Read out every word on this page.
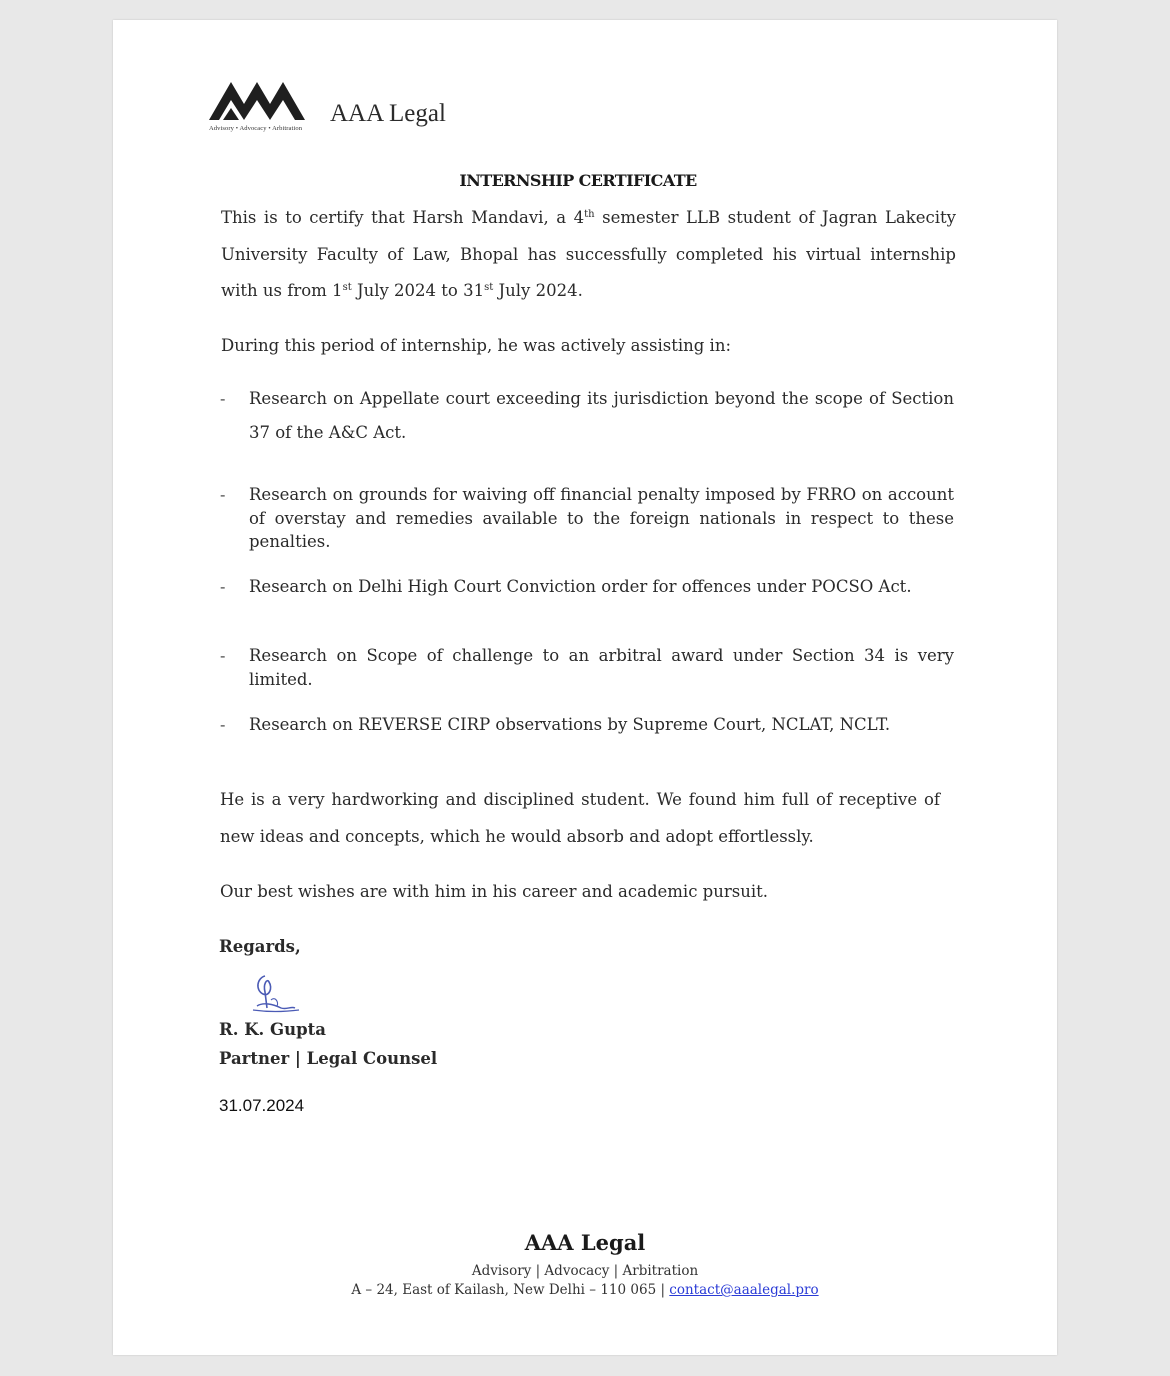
AAA Legal
Advisory • Advocacy • Arbitration
INTERNSHIP CERTIFICATE

This is to certify that Harsh Mandavi, a 4th semester LLB student of Jagran Lakecity University Faculty of Law, Bhopal has successfully completed his virtual internship with us from 1st July 2024 to 31st July 2024.

During this period of internship, he was actively assisting in:

- Research on Appellate court exceeding its jurisdiction beyond the scope of Section 37 of the A&C Act.

- Research on grounds for waiving off financial penalty imposed by FRRO on account of overstay and remedies available to the foreign nationals in respect to these penalties.

- Research on Delhi High Court Conviction order for offences under POCSO Act.

- Research on Scope of challenge to an arbitral award under Section 34 is very limited.

- Research on REVERSE CIRP observations by Supreme Court, NCLAT, NCLT.

He is a very hardworking and disciplined student. We found him full of receptive of new ideas and concepts, which he would absorb and adopt effortlessly.

Our best wishes are with him in his career and academic pursuit.

Regards,
R. K. Gupta
Partner | Legal Counsel
31.07.2024
AAA Legal
Advisory | Advocacy | Arbitration
A – 24, East of Kailash, New Delhi – 110 065 | contact@aaalegal.pro
